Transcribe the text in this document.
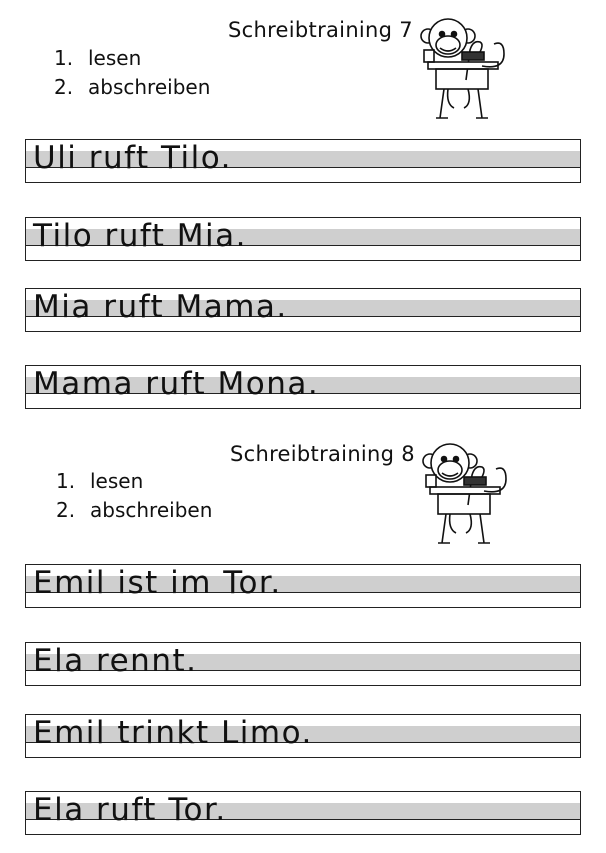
Schreibtraining 7
1. lesen
2. abschreiben
Uli ruft Tilo.
Tilo ruft Mia.
Mia ruft Mama.
Mama ruft Mona.
Schreibtraining 8
1. lesen
2. abschreiben
Emil ist im Tor.
Ela rennt.
Emil trinkt Limo.
Ela ruft Tor.
